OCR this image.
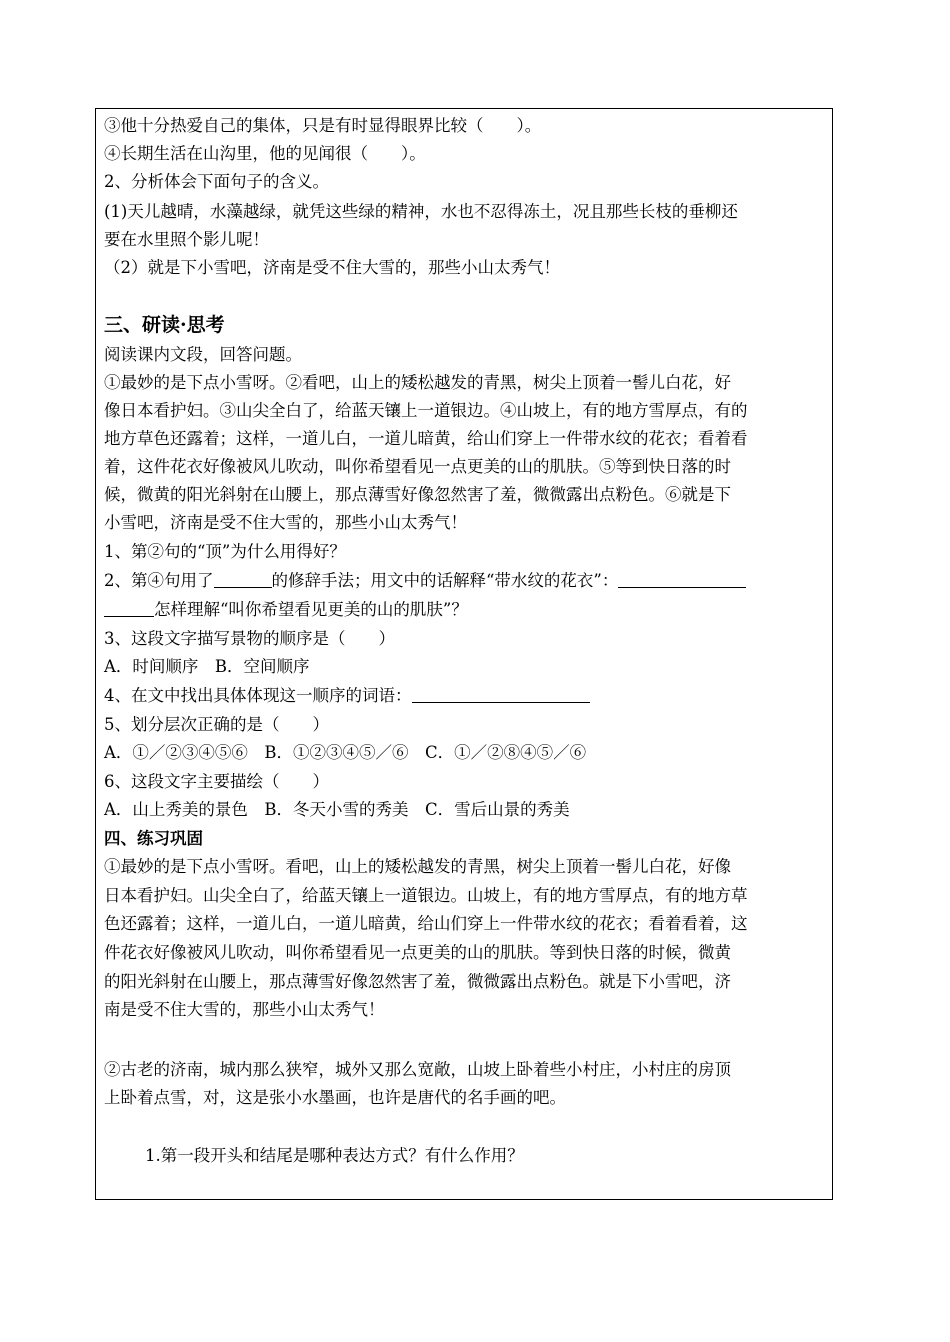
③他十分热爱自己的集体，只是有时显得眼界比较（　　）。
④长期生活在山沟里，他的见闻很（　　）。
2、分析体会下面句子的含义。
(1)天儿越晴，水藻越绿，就凭这些绿的精神，水也不忍得冻土，况且那些长枝的垂柳还
要在水里照个影儿呢！
（2）就是下小雪吧，济南是受不住大雪的，那些小山太秀气！
三、研读·思考
阅读课内文段，回答问题。
①最妙的是下点小雪呀。②看吧，山上的矮松越发的青黑，树尖上顶着一髻儿白花，好
像日本看护妇。③山尖全白了，给蓝天镶上一道银边。④山坡上，有的地方雪厚点，有的
地方草色还露着；这样，一道儿白，一道儿暗黄，给山们穿上一件带水纹的花衣；看着看
着，这件花衣好像被风儿吹动，叫你希望看见一点更美的山的肌肤。⑤等到快日落的时
候，微黄的阳光斜射在山腰上，那点薄雪好像忽然害了羞，微微露出点粉色。⑥就是下
小雪吧，济南是受不住大雪的，那些小山太秀气！
1、第②句的“顶”为什么用得好？
2、第④句用了	的修辞手法；用文中的话解释“带水纹的花衣”：
怎样理解“叫你希望看见更美的山的肌肤”？
3、这段文字描写景物的顺序是（　　）
A．时间顺序　B．空间顺序
4、在文中找出具体体现这一顺序的词语：
5、划分层次正确的是（　　）
A．①／②③④⑤⑥　B．①②③④⑤／⑥　C．①／②⑧④⑤／⑥
6、这段文字主要描绘（　　）
A．山上秀美的景色　B．冬天小雪的秀美　C．雪后山景的秀美
四、练习巩固
①最妙的是下点小雪呀。看吧，山上的矮松越发的青黑，树尖上顶着一髻儿白花，好像
日本看护妇。山尖全白了，给蓝天镶上一道银边。山坡上，有的地方雪厚点，有的地方草
色还露着；这样，一道儿白，一道儿暗黄，给山们穿上一件带水纹的花衣；看着看着，这
件花衣好像被风儿吹动，叫你希望看见一点更美的山的肌肤。等到快日落的时候，微黄
的阳光斜射在山腰上，那点薄雪好像忽然害了羞，微微露出点粉色。就是下小雪吧，济
南是受不住大雪的，那些小山太秀气！
②古老的济南，城内那么狭窄，城外又那么宽敞，山坡上卧着些小村庄，小村庄的房顶
上卧着点雪，对，这是张小水墨画，也许是唐代的名手画的吧。
1.第一段开头和结尾是哪种表达方式？有什么作用？
